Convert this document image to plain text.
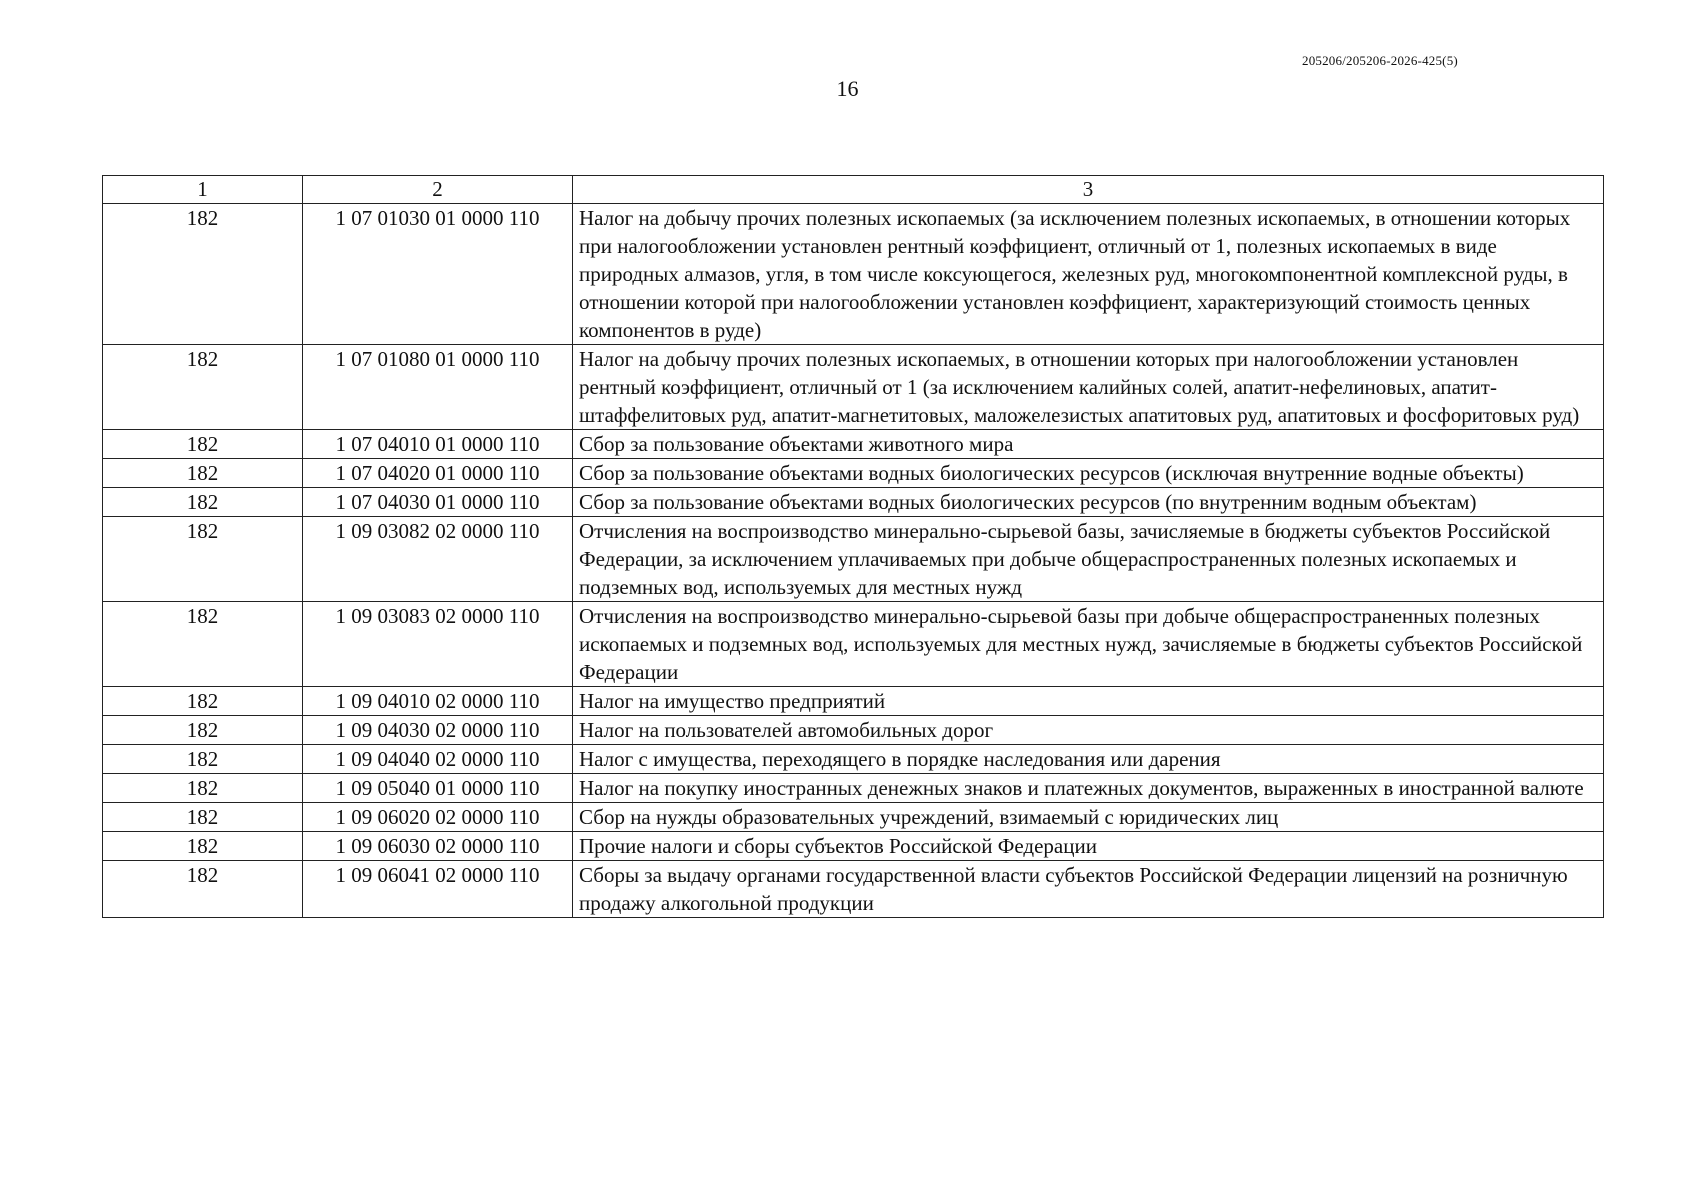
205206/205206-2026-425(5)
16
1	2	3
182	1 07 01030 01 0000 110	Налог на добычу прочих полезных ископаемых (за исключением полезных ископаемых, в отношении которых при налогообложении установлен рентный коэффициент, отличный от 1, полезных ископаемых в виде природных алмазов, угля, в том числе коксующегося, железных руд, многокомпонентной комплексной руды, в отношении которой при налогообложении установлен коэффициент, характеризующий стоимость ценных компонентов в руде)
182	1 07 01080 01 0000 110	Налог на добычу прочих полезных ископаемых, в отношении которых при налогообложении установлен рентный коэффициент, отличный от 1 (за исключением калийных солей, апатит-нефелиновых, апатит-штаффелитовых руд, апатит-магнетитовых, маложелезистых апатитовых руд, апатитовых и фосфоритовых руд)
182	1 07 04010 01 0000 110	Сбор за пользование объектами животного мира
182	1 07 04020 01 0000 110	Сбор за пользование объектами водных биологических ресурсов (исключая внутренние водные объекты)
182	1 07 04030 01 0000 110	Сбор за пользование объектами водных биологических ресурсов (по внутренним водным объектам)
182	1 09 03082 02 0000 110	Отчисления на воспроизводство минерально-сырьевой базы, зачисляемые в бюджеты субъектов Российской Федерации, за исключением уплачиваемых при добыче общераспространенных полезных ископаемых и подземных вод, используемых для местных нужд
182	1 09 03083 02 0000 110	Отчисления на воспроизводство минерально-сырьевой базы при добыче общераспространенных полезных ископаемых и подземных вод, используемых для местных нужд, зачисляемые в бюджеты субъектов Российской Федерации
182	1 09 04010 02 0000 110	Налог на имущество предприятий
182	1 09 04030 02 0000 110	Налог на пользователей автомобильных дорог
182	1 09 04040 02 0000 110	Налог с имущества, переходящего в порядке наследования или дарения
182	1 09 05040 01 0000 110	Налог на покупку иностранных денежных знаков и платежных документов, выраженных в иностранной валюте
182	1 09 06020 02 0000 110	Сбор на нужды образовательных учреждений, взимаемый с юридических лиц
182	1 09 06030 02 0000 110	Прочие налоги и сборы субъектов Российской Федерации
182	1 09 06041 02 0000 110	Сборы за выдачу органами государственной власти субъектов Российской Федерации лицензий на розничную продажу алкогольной продукции
